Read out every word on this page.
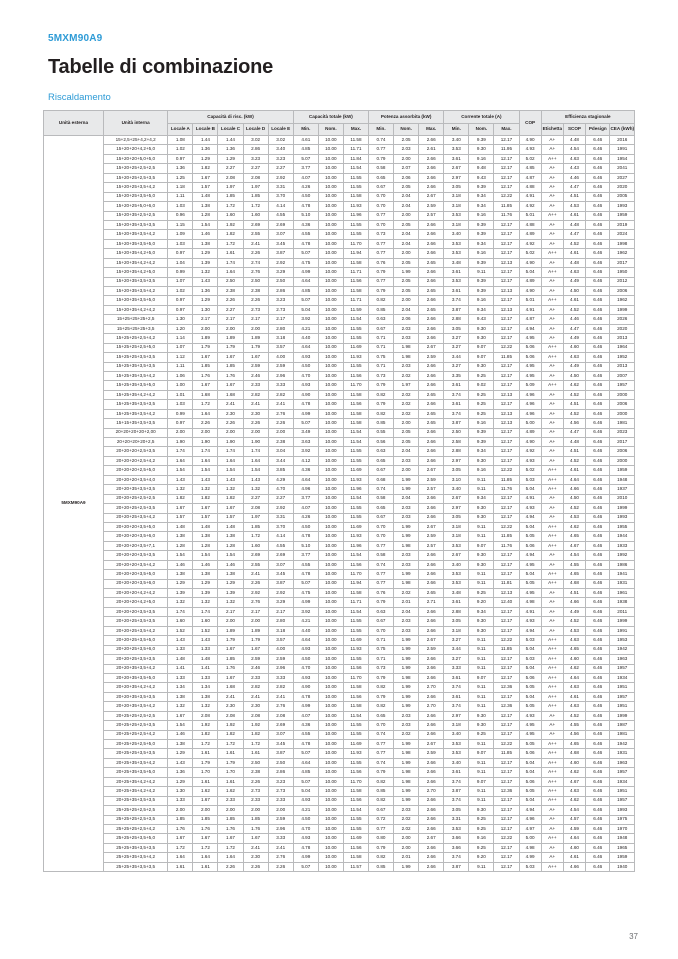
5MXM90A9
Tabelle di combinazione
Riscaldamento
Unità esterna	Unità interna	Capacità di risc. (kW)					Capacità totale (kW)			Potenza assorbita (kW)			Corrente totale (A)			COP	Efficienza stagionale			
		Locale A	Locale B	Locale C	Locale D	Locale E	Min.	Nom.	Max.	Min.	Nom.	Max.	Min.	Nom.	Max.		Etichetta	SCOP	Pdesign	CEA (kWh)
5MXM90A9	15+2,5+25+4,2+4,2	1.08	1.44	1.44	3.02	3.02	4.61	10.00	11.58	0.74	2.05	2.66	3.40	9.39	12.17	4.90	A+	4.48	6.46	2016
	15+20+20+4,2+5,0	1.02	1.36	1.36	2.86	3.40	4.85	10.00	11.71	0.77	2.03	2.61	3.53	9.30	11.95	4.93	A+	4.54	6.46	1991
	15+20+20+5,0+5,0	0.97	1.29	1.29	3.23	3.23	5.07	10.00	11.84	0.79	2.00	2.66	3.61	9.16	12.17	5.02	A++	4.63	6.46	1954
	15+20+25+2,5+2,5	1.36	1.82	2.27	2.27	2.27	3.77	10.00	11.54	0.58	2.07	2.66	2.67	9.48	12.17	4.85	A+	4.43	6.46	2041
	15+20+25+2,5+3,5	1.25	1.67	2.08	2.08	2.92	4.07	10.00	11.55	0.65	2.06	2.66	2.97	9.43	12.17	4.87	A+	4.46	6.46	2027
	15+20+25+3,5+4,2	1.18	1.57	1.97	1.97	3.31	4.26	10.00	11.55	0.67	2.05	2.66	3.05	9.39	12.17	4.88	A+	4.47	6.46	2020
	15+20+25+3,5+5,0	1.11	1.48	1.85	1.85	3.70	4.50	10.00	11.58	0.70	2.04	2.67	3.18	9.34	12.22	4.91	A+	4.51	6.46	2005
	15+20+25+5,0+6,0	1.03	1.38	1.72	1.72	4.14	4.78	10.00	11.93	0.70	2.04	2.59	3.18	9.34	11.85	4.92	A+	4.53	6.46	1993
	15+20+35+2,5+2,5	0.96	1.28	1.60	1.60	4.55	5.10	10.00	11.96	0.77	2.00	2.57	3.53	9.16	11.76	5.01	A++	4.61	6.46	1959
	15+20+35+3,5+3,5	1.15	1.54	1.92	2.69	2.69	4.36	10.00	11.55	0.70	2.05	2.66	3.18	9.39	12.17	4.88	A+	4.48	6.46	2019
	15+20+35+3,5+4,2	1.09	1.46	1.82	2.55	3.07	4.55	10.00	11.55	0.73	2.04	2.66	3.40	9.39	12.17	4.89	A+	4.47	6.46	2024
	15+20+35+3,5+5,0	1.03	1.38	1.72	2.41	3.45	4.78	10.00	11.70	0.77	2.04	2.66	3.53	9.34	12.17	4.92	A+	4.52	6.46	1998
	15+20+35+4,2+5,0	0.97	1.29	1.61	2.26	3.87	5.07	10.00	11.94	0.77	2.00	2.66	3.53	9.16	12.17	5.02	A++	4.61	6.46	1962
	15+20+35+4,2+4,2	1.04	1.39	1.74	2.74	2.92	4.75	10.00	11.58	0.76	2.05	2.65	3.48	9.39	12.13	4.90	A+	4.48	6.46	2017
	15+20+35+4,2+5,0	0.99	1.32	1.64	2.76	3.29	4.99	10.00	11.71	0.79	1.99	2.66	3.61	9.11	12.17	5.04	A++	4.63	6.46	1950
	15+20+35+3,5+3,5	1.07	1.43	2.50	2.50	2.50	4.64	10.00	11.56	0.77	2.05	2.66	3.53	9.39	12.17	4.89	A+	4.49	6.46	2012
	15+20+35+3,5+4,2	1.02	1.36	2.38	2.38	2.86	4.85	10.00	11.58	0.79	2.05	2.65	3.61	9.39	12.13	4.90	A+	4.50	6.46	2006
	15+20+35+3,5+5,0	0.97	1.29	2.26	2.26	3.23	5.07	10.00	11.71	0.82	2.00	2.66	3.74	9.16	12.17	5.01	A++	4.61	6.46	1962
	15+20+35+4,2+4,2	0.97	1.30	2.27	2.73	2.73	5.04	10.00	11.59	0.85	2.04	2.65	3.87	9.34	12.13	4.91	A+	4.52	6.46	1999
	15+25+25+25+2,5	1.30	2.17	2.17	2.17	2.17	3.92	10.00	11.54	0.63	2.06	2.66	2.88	9.43	12.17	4.87	A+	4.46	6.46	2026
	15+25+25+25+3,5	1.20	2.00	2.00	2.00	2.80	4.21	10.00	11.55	0.67	2.03	2.66	3.05	9.30	12.17	4.94	A+	4.47	6.46	2020
	15+25+25+2,5+4,2	1.14	1.89	1.89	1.89	3.18	4.40	10.00	11.55	0.71	2.03	2.66	3.27	9.30	12.17	4.95	A+	4.49	6.46	2013
	15+25+25+2,5+5,0	1.07	1.79	1.79	1.79	3.57	4.64	10.00	11.69	0.71	1.98	2.67	3.27	9.07	12.22	5.06	A++	4.60	6.46	1964
	15+25+25+3,5+3,5	1.12	1.67	1.67	1.67	4.00	4.93	10.00	11.93	0.75	1.98	2.59	3.44	9.07	11.85	5.06	A++	4.63	6.46	1952
	15+25+35+3,5+3,5	1.11	1.85	1.85	2.59	2.59	4.50	10.00	11.55	0.71	2.03	2.66	3.27	9.30	12.17	4.95	A+	4.49	6.46	2013
	15+25+35+3,5+4,2	1.06	1.76	1.76	2.46	2.96	4.70	10.00	11.56	0.73	2.02	2.66	3.35	9.25	12.17	4.95	A+	4.50	6.46	2007
	15+25+35+3,5+5,0	1.00	1.67	1.67	2.33	3.33	4.93	10.00	11.70	0.79	1.97	2.66	3.61	9.02	12.17	5.09	A++	4.62	6.46	1957
	15+25+35+4,2+4,2	1.01	1.68	1.68	2.82	2.82	4.90	10.00	11.58	0.82	2.02	2.65	3.74	9.25	12.13	4.96	A+	4.52	6.46	2000
	15+25+35+3,5+3,5	1.03	1.72	2.41	2.41	2.41	4.78	10.00	11.56	0.79	2.02	2.66	3.61	9.25	12.17	4.96	A+	4.51	6.46	2006
	15+25+35+3,5+4,2	0.99	1.64	2.30	2.30	2.76	4.99	10.00	11.58	0.82	2.02	2.65	3.74	9.25	12.13	4.96	A+	4.52	6.46	2000
	15+15+35+3,5+3,5	0.97	2.26	2.26	2.26	2.26	5.07	10.00	11.58	0.85	2.00	2.65	3.87	9.16	12.13	5.00	A+	4.56	6.46	1981
	20+20+20+20+2,00	2.00	2.00	2.00	2.00	2.00	3.49	10.00	11.54	0.55	2.05	2.66	2.50	9.39	12.17	4.89	A+	4.47	6.46	2023
	20+20+20+20+2,5	1.90	1.90	1.90	1.90	2.38	3.63	10.00	11.54	0.56	2.05	2.66	2.58	9.39	12.17	4.90	A+	4.48	6.46	2017
	20+20+20+2,5+3,5	1.74	1.74	1.74	1.74	3.04	3.92	10.00	11.55	0.63	2.04	2.66	2.88	9.34	12.17	4.92	A+	4.51	6.46	2006
	20+20+20+2,5+4,2	1.64	1.64	1.64	1.64	3.44	4.12	10.00	11.55	0.65	2.03	2.66	2.97	9.30	12.17	4.93	A+	4.52	6.46	2000
	20+20+20+2,5+5,0	1.54	1.54	1.54	1.54	3.85	4.36	10.00	11.69	0.67	2.00	2.67	3.05	9.16	12.22	5.02	A++	4.61	6.46	1959
	20+20+20+3,5+4,0	1.43	1.43	1.43	1.43	4.29	4.64	10.00	11.93	0.68	1.99	2.59	3.10	9.11	11.85	5.03	A++	4.64	6.46	1948
	20+20+35+3,5+3,5	1.32	1.32	1.32	1.32	4.70	4.96	10.00	11.96	0.74	1.99	2.57	3.40	9.11	11.76	5.04	A++	4.66	6.46	1937
	20+20+25+2,5+2,5	1.82	1.82	1.82	2.27	2.27	3.77	10.00	11.54	0.58	2.04	2.66	2.67	9.34	12.17	4.91	A+	4.50	6.46	2010
	20+20+25+2,5+3,5	1.67	1.67	1.67	2.08	2.92	4.07	10.00	11.55	0.65	2.03	2.66	2.97	9.30	12.17	4.93	A+	4.52	6.46	1999
	20+20+25+3,5+4,2	1.57	1.57	1.57	1.97	3.31	4.26	10.00	11.55	0.67	2.03	2.66	3.05	9.30	12.17	4.94	A+	4.53	6.46	1993
	20+20+20+3,5+5,0	1.48	1.48	1.48	1.85	3.70	4.50	10.00	11.69	0.70	1.99	2.67	3.18	9.11	12.22	5.04	A++	4.62	6.46	1955
	20+20+20+3,5+6,0	1.38	1.38	1.38	1.72	4.14	4.78	10.00	11.93	0.70	1.99	2.59	3.18	9.11	11.85	5.05	A++	4.65	6.46	1944
	20+20+20+3,5+7,1	1.28	1.28	1.28	1.60	4.55	5.10	10.00	11.96	0.77	1.98	2.57	3.53	9.07	11.76	5.06	A++	4.67	6.46	1933
	20+20+20+3,5+3,5	1.54	1.54	1.54	2.69	2.69	3.77	10.00	11.54	0.58	2.03	2.66	2.67	9.30	12.17	4.94	A+	4.54	6.46	1992
	20+20+20+3,5+4,2	1.46	1.46	1.46	2.55	3.07	4.55	10.00	11.56	0.74	2.03	2.66	3.40	9.30	12.17	4.95	A+	4.55	6.46	1986
	20+20+20+3,5+5,0	1.38	1.38	1.38	2.41	3.45	4.78	10.00	11.70	0.77	1.99	2.66	3.53	9.11	12.17	5.04	A++	4.65	6.46	1941
	20+20+20+3,5+6,0	1.29	1.29	1.29	2.26	3.87	5.07	10.00	11.94	0.77	1.98	2.66	3.53	9.11	11.81	5.05	A++	4.68	6.46	1931
	20+20+20+4,2+4,2	1.39	1.39	1.39	2.92	2.92	4.75	10.00	11.58	0.76	2.02	2.65	3.48	9.25	12.13	4.95	A+	4.51	6.46	1961
	20+20+20+4,2+5,0	1.32	1.32	1.32	2.76	3.29	4.99	10.00	11.71	0.79	2.01	2.71	3.61	9.20	12.40	4.98	A+	4.66	6.46	1938
	20+20+20+3,5+3,5	1.74	1.74	2.17	2.17	2.17	3.92	10.00	11.54	0.63	2.04	2.66	2.88	9.34	12.17	4.91	A+	4.49	6.46	2011
	20+20+25+3,5+3,5	1.60	1.60	2.00	2.00	2.80	4.21	10.00	11.55	0.67	2.03	2.66	3.05	9.30	12.17	4.93	A+	4.52	6.46	1999
	20+20+25+3,5+4,2	1.52	1.52	1.89	1.89	3.18	4.40	10.00	11.55	0.70	2.03	2.66	3.18	9.30	12.17	4.94	A+	4.53	6.46	1991
	20+20+25+3,5+5,0	1.43	1.43	1.79	1.79	3.57	4.64	10.00	11.69	0.71	1.99	2.67	3.27	9.11	12.22	5.03	A++	4.63	6.46	1953
	20+20+25+3,5+6,0	1.33	1.33	1.67	1.67	4.00	4.93	10.00	11.93	0.75	1.99	2.59	3.44	9.11	11.85	5.04	A++	4.65	6.46	1942
	20+20+25+3,5+3,5	1.48	1.48	1.85	2.59	2.59	4.50	10.00	11.55	0.71	1.99	2.66	3.27	9.11	12.17	5.03	A++	4.60	6.46	1963
	20+20+35+3,5+4,2	1.41	1.41	1.76	2.46	2.96	4.70	10.00	11.56	0.73	1.99	2.66	3.33	9.11	12.17	5.04	A++	4.62	6.46	1957
	20+20+35+3,5+5,0	1.33	1.33	1.67	2.33	3.33	4.93	10.00	11.70	0.79	1.98	2.66	3.61	9.07	12.17	5.06	A++	4.64	6.46	1934
	20+20+35+4,2+4,2	1.34	1.34	1.68	2.82	2.82	4.90	10.00	11.58	0.82	1.99	2.70	3.74	9.11	12.36	5.05	A++	4.63	6.46	1951
	20+20+35+3,5+3,5	1.38	1.38	2.41	2.41	2.41	4.78	10.00	11.56	0.79	1.99	2.66	3.61	9.11	12.17	5.04	A++	4.61	6.46	1957
	20+20+35+3,5+4,2	1.32	1.32	2.30	2.30	2.76	4.99	10.00	11.58	0.82	1.99	2.70	3.74	9.11	12.36	5.05	A++	4.63	6.46	1951
	20+25+25+2,5+2,5	1.67	2.08	2.08	2.08	2.08	4.07	10.00	11.54	0.65	2.03	2.66	2.97	9.30	12.17	4.93	A+	4.52	6.46	1999
	20+25+25+2,5+3,5	1.54	1.92	1.92	1.92	2.69	4.36	10.00	11.55	0.70	2.03	2.66	3.18	9.30	12.17	4.95	A+	4.55	6.46	1987
	20+25+25+2,5+4,2	1.46	1.82	1.82	1.82	3.07	4.55	10.00	11.55	0.74	2.02	2.66	3.40	9.25	12.17	4.95	A+	4.56	6.46	1981
	20+25+25+2,5+5,0	1.38	1.72	1.72	1.72	3.45	4.78	10.00	11.69	0.77	1.99	2.67	3.53	9.11	12.22	5.05	A++	4.65	6.46	1942
	20+25+25+3,5+3,5	1.29	1.61	1.61	1.61	3.87	5.07	10.00	11.93	0.77	1.98	2.59	3.53	9.07	11.85	5.06	A++	4.68	6.46	1931
	20+25+35+3,5+4,2	1.43	1.79	1.79	2.50	2.50	4.64	10.00	11.55	0.74	1.99	2.66	3.40	9.11	12.17	5.04	A++	4.60	6.46	1963
	20+25+35+3,5+5,0	1.36	1.70	1.70	2.38	2.86	4.85	10.00	11.56	0.79	1.98	2.66	3.61	9.11	12.17	5.04	A++	4.62	6.46	1957
	20+25+35+4,2+4,2	1.29	1.61	1.61	2.26	3.23	5.07	10.00	11.70	0.82	1.98	2.66	3.74	9.07	12.17	5.06	A++	4.67	6.46	1934
	20+25+35+4,2+4,2	1.30	1.62	1.62	2.73	2.73	5.04	10.00	11.58	0.85	1.99	2.70	3.87	9.11	12.36	5.05	A++	4.63	6.46	1951
	20+25+35+3,5+3,5	1.33	1.67	2.33	2.33	2.33	4.93	10.00	11.56	0.82	1.99	2.66	3.74	9.11	12.17	5.04	A++	4.62	6.46	1957
	25+25+25+2,5+2,5	2.00	2.00	2.00	2.00	2.00	4.21	10.00	11.54	0.67	2.03	2.66	3.05	9.30	12.17	4.94	A+	4.54	6.46	1993
	25+25+25+2,5+3,5	1.85	1.85	1.85	1.85	2.59	4.50	10.00	11.55	0.72	2.02	2.66	3.31	9.25	12.17	4.96	A+	4.57	6.46	1975
	25+25+25+2,5+4,2	1.76	1.76	1.76	1.76	2.96	4.70	10.00	11.55	0.77	2.02	2.66	3.53	9.25	12.17	4.97	A+	4.59	6.46	1970
	25+25+25+3,5+5,0	1.67	1.67	1.67	1.67	3.33	4.93	10.00	11.69	0.80	2.00	2.67	3.66	9.16	12.22	5.00	A++	4.64	6.46	1948
	25+25+35+3,5+3,5	1.72	1.72	1.72	2.41	2.41	4.78	10.00	11.56	0.79	2.00	2.66	3.66	9.25	12.17	4.98	A+	4.60	6.46	1965
	25+25+35+3,5+4,2	1.64	1.64	1.64	2.30	2.76	4.99	10.00	11.58	0.82	2.01	2.66	3.74	9.20	12.17	4.99	A+	4.61	6.46	1959
	25+25+35+3,5+3,5	1.61	1.61	2.26	2.26	2.26	5.07	10.00	11.57	0.85	1.99	2.66	3.87	9.11	12.17	5.03	A++	4.66	6.46	1940
37
